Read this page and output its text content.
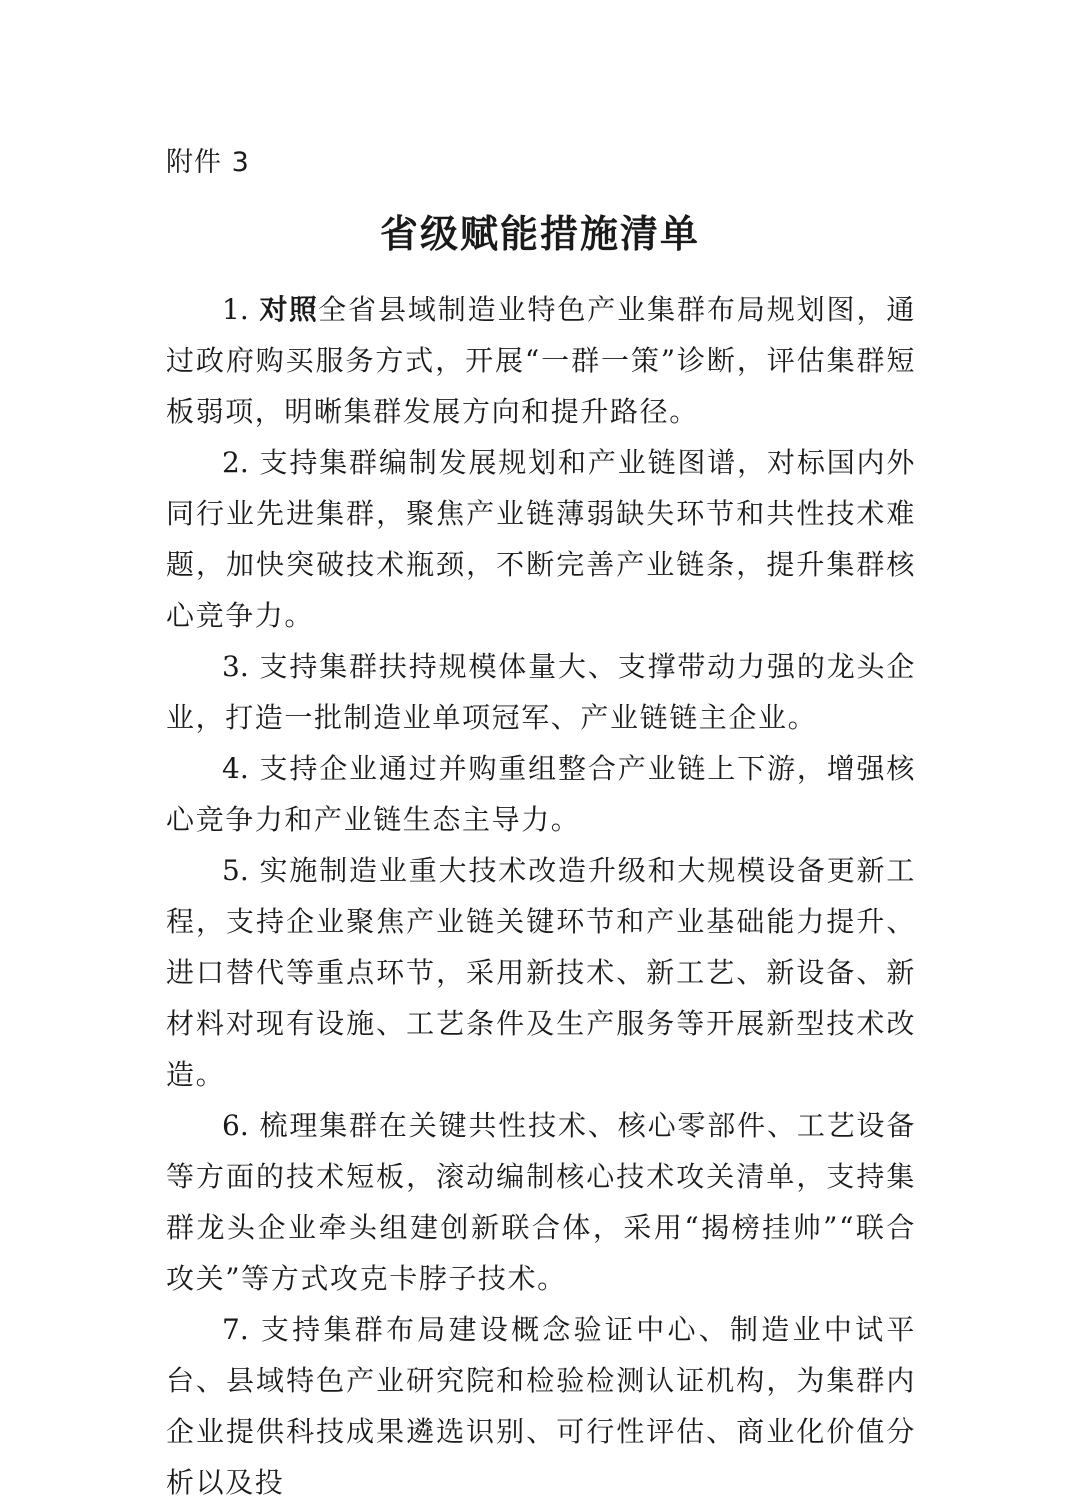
附件 3
省级赋能措施清单

1. 对照全省县域制造业特色产业集群布局规划图，通过政府购买服务方式，开展“一群一策”诊断，评估集群短板弱项，明晰集群发展方向和提升路径。

2. 支持集群编制发展规划和产业链图谱，对标国内外同行业先进集群，聚焦产业链薄弱缺失环节和共性技术难题，加快突破技术瓶颈，不断完善产业链条，提升集群核心竞争力。

3. 支持集群扶持规模体量大、支撑带动力强的龙头企业，打造一批制造业单项冠军、产业链链主企业。

4. 支持企业通过并购重组整合产业链上下游，增强核心竞争力和产业链生态主导力。

5. 实施制造业重大技术改造升级和大规模设备更新工程，支持企业聚焦产业链关键环节和产业基础能力提升、进口替代等重点环节，采用新技术、新工艺、新设备、新材料对现有设施、工艺条件及生产服务等开展新型技术改造。

6. 梳理集群在关键共性技术、核心零部件、工艺设备等方面的技术短板，滚动编制核心技术攻关清单，支持集群龙头企业牵头组建创新联合体，采用“揭榜挂帅”“联合攻关”等方式攻克卡脖子技术。

7. 支持集群布局建设概念验证中心、制造业中试平台、县域特色产业研究院和检验检测认证机构，为集群内企业提供科技成果遴选识别、可行性评估、商业化价值分析以及投
